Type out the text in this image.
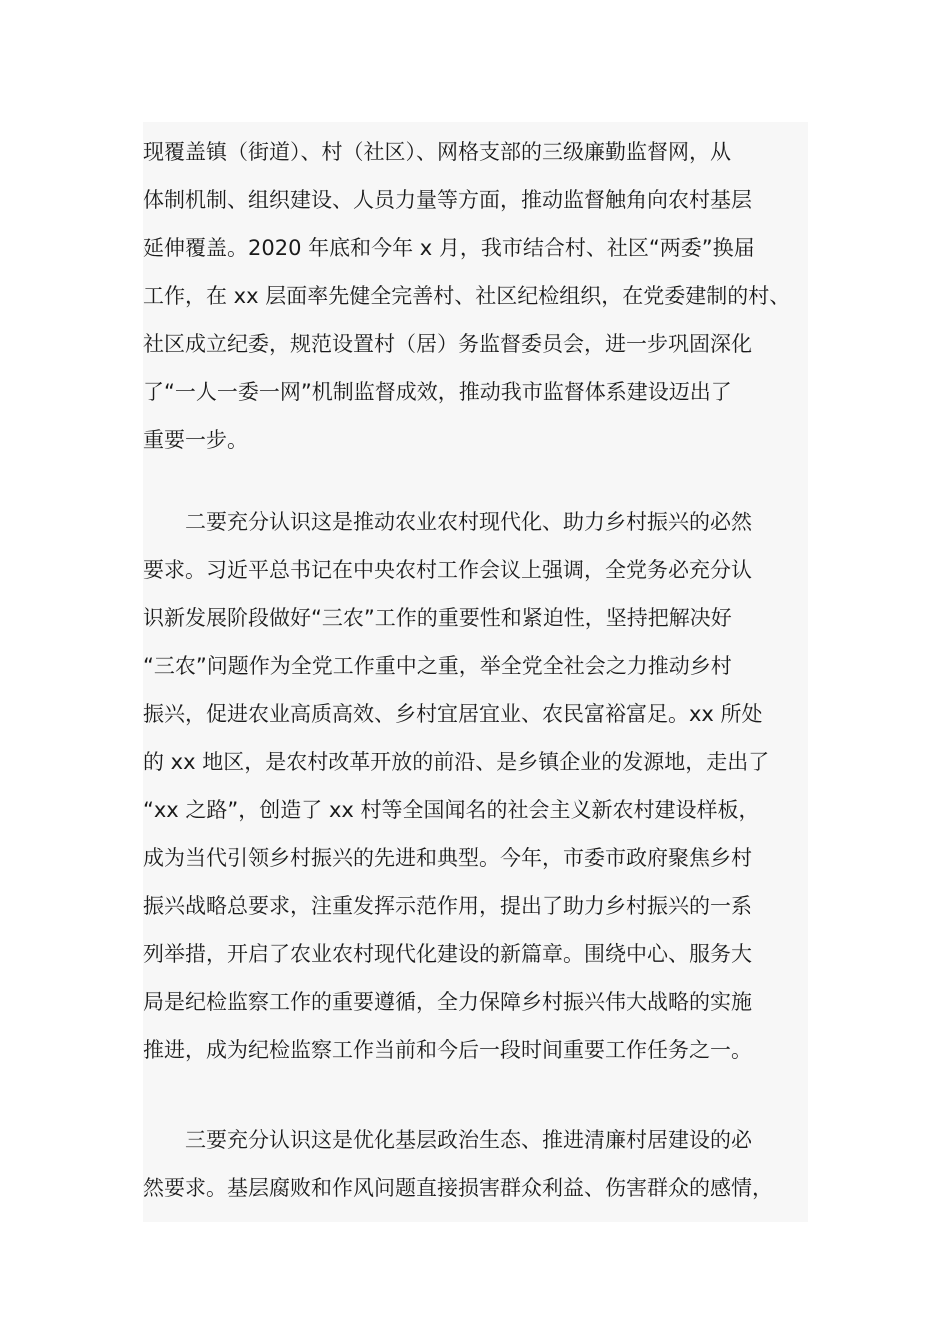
现覆盖镇（街道）、村（社区）、网格支部的三级廉勤监督网，从
体制机制、组织建设、人员力量等方面，推动监督触角向农村基层
延伸覆盖。2020 年底和今年 x 月，我市结合村、社区“两委”换届
工作，在 xx 层面率先健全完善村、社区纪检组织，在党委建制的村、
社区成立纪委，规范设置村（居）务监督委员会，进一步巩固深化
了“一人一委一网”机制监督成效，推动我市监督体系建设迈出了
重要一步。
　　二要充分认识这是推动农业农村现代化、助力乡村振兴的必然
要求。习近平总书记在中央农村工作会议上强调，全党务必充分认
识新发展阶段做好“三农”工作的重要性和紧迫性，坚持把解决好
“三农”问题作为全党工作重中之重，举全党全社会之力推动乡村
振兴，促进农业高质高效、乡村宜居宜业、农民富裕富足。xx 所处
的 xx 地区，是农村改革开放的前沿、是乡镇企业的发源地，走出了
“xx 之路”，创造了 xx 村等全国闻名的社会主义新农村建设样板，
成为当代引领乡村振兴的先进和典型。今年，市委市政府聚焦乡村
振兴战略总要求，注重发挥示范作用，提出了助力乡村振兴的一系
列举措，开启了农业农村现代化建设的新篇章。围绕中心、服务大
局是纪检监察工作的重要遵循，全力保障乡村振兴伟大战略的实施
推进，成为纪检监察工作当前和今后一段时间重要工作任务之一。
　　三要充分认识这是优化基层政治生态、推进清廉村居建设的必
然要求。基层腐败和作风问题直接损害群众利益、伤害群众的感情，
